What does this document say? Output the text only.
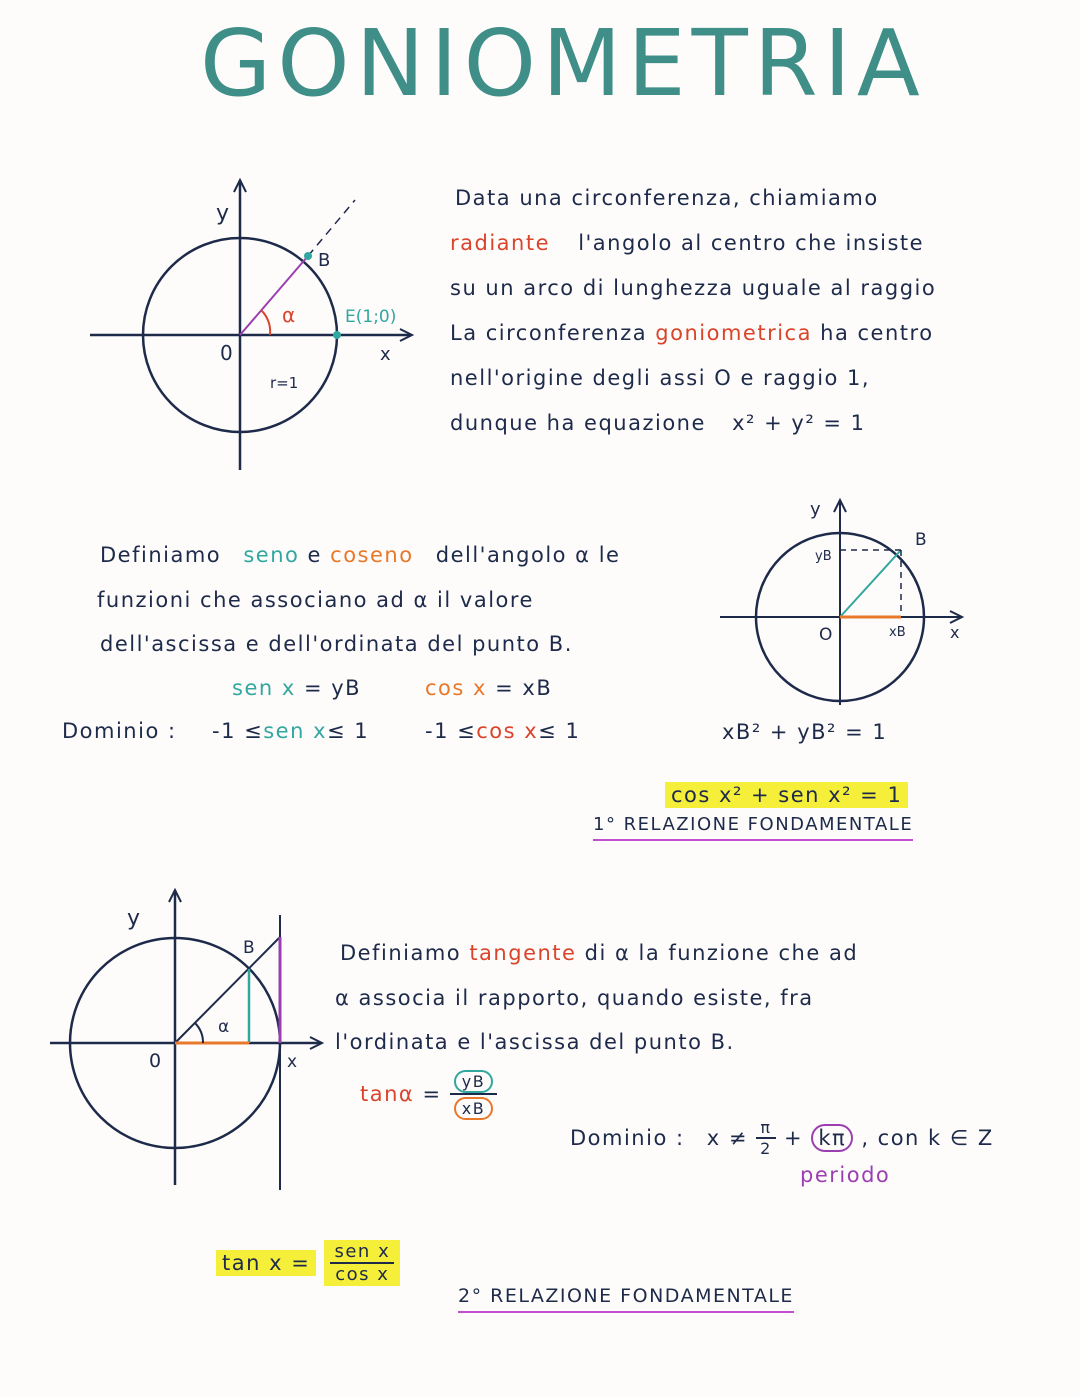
GONIOMETRIA
y
x
0
B
α	E(1;0)
r=1
Data una circonferenza, chiamiamo
radiante l'angolo al centro che insiste
su un arco di lunghezza uguale al raggio
La circonferenza goniometrica ha centro
nell'origine degli assi O e raggio 1,
dunque ha equazione x² + y² = 1
Definiamo seno e coseno dell'angolo α le
funzioni che associano ad α il valore
dell'ascissa e dell'ordinata del punto B.
sen x = yB	cos x = xB
Dominio : -1 ≤sen x≤ 1	-1 ≤cos x≤ 1
y
x
O
B
yB
xB
xB² + yB² = 1
cos x² + sen x² = 1
1° RELAZIONE FONDAMENTALE
y
x
0
B
α
Definiamo tangente di α la funzione che ad
α associa il rapporto, quando esiste, fra
l'ordinata e l'ascissa del punto B.
$\tan\alpha = \frac{yB}{xB}$
Dominio : $x \ne \frac{\pi}{2} + k\pi$ , con k ∈ Z
periodo
$\tan x = \frac{\text{sen x}}{\text{cos x}}$
2° RELAZIONE FONDAMENTALE
